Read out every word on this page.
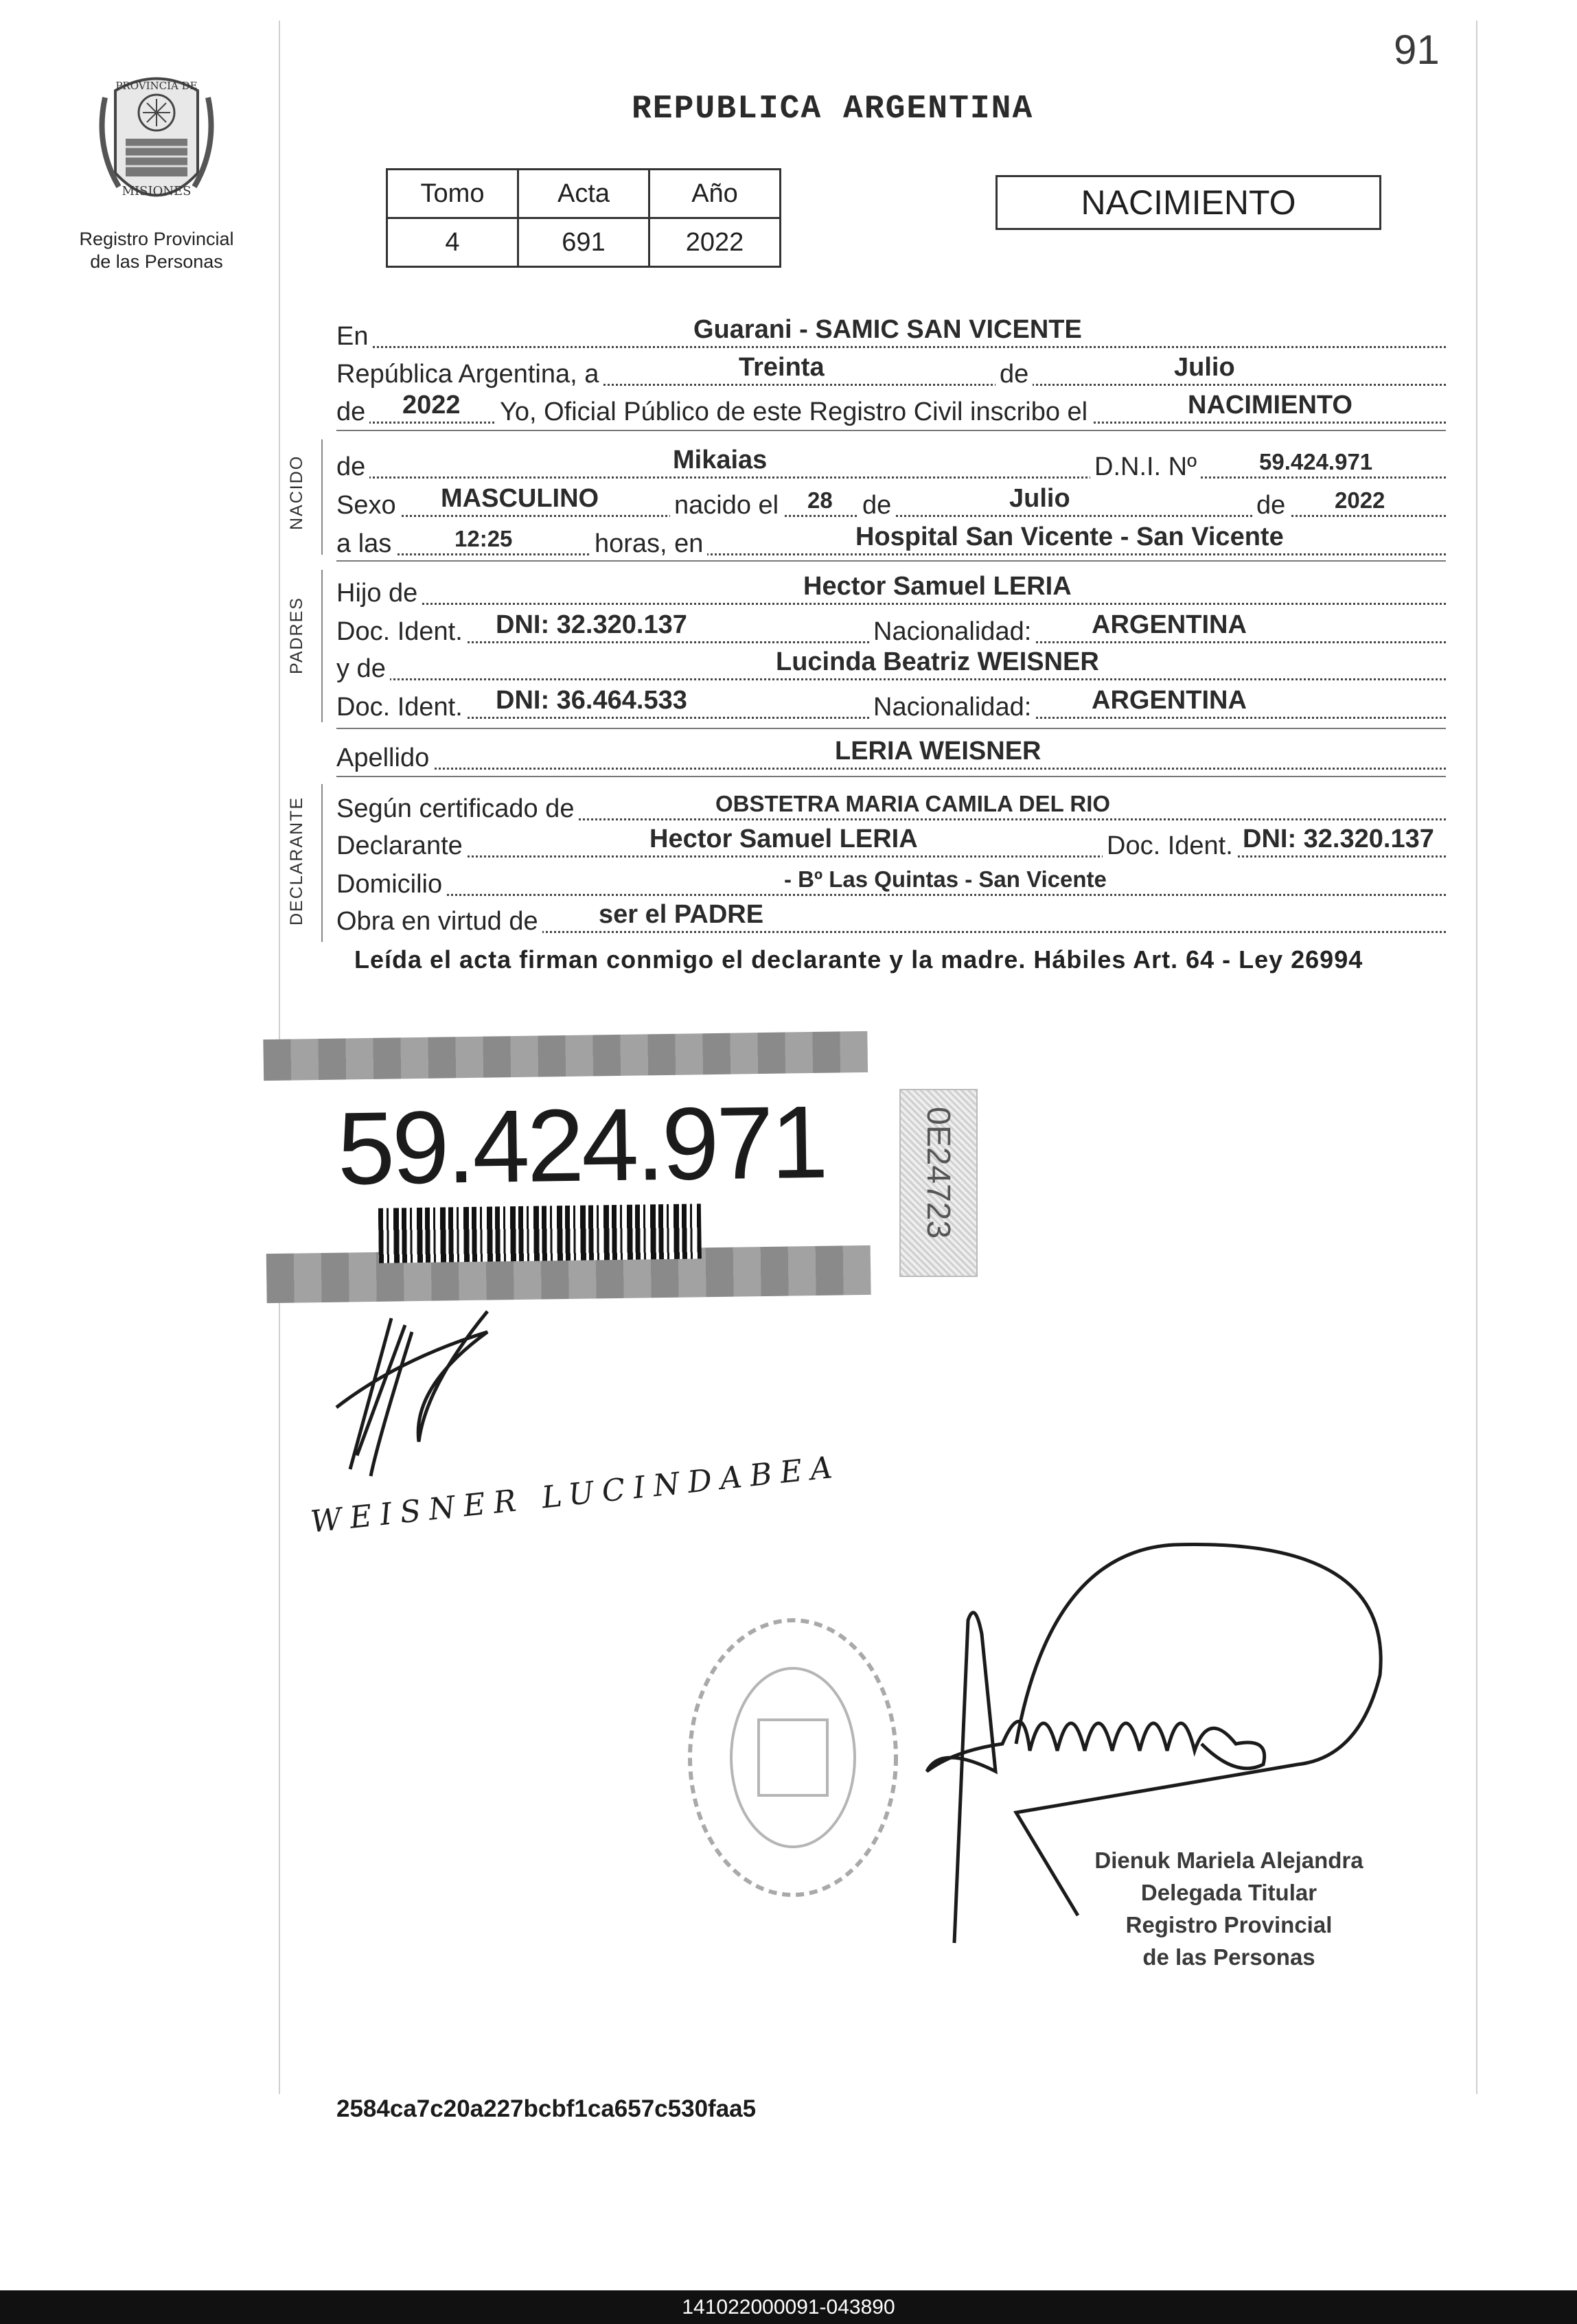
91
PROVINCIA DE
MISIONES
Registro Provincial
de las Personas
REPUBLICA ARGENTINA
Tomo	Acta	Año
4	691	2022
NACIMIENTO
En	Guarani - SAMIC SAN VICENTE
República Argentina, a	Treinta	de	Julio
de 2022 Yo, Oficial Público de este Registro Civil inscribo el	NACIMIENTO
NACIDO de	Mikaias	D.N.I. Nº	59.424.971
Sexo MASCULINO	nacido el 28 de	Julio	de 2022
a las	12:25	horas, en	Hospital San Vicente - San Vicente
PADRES
Hijo de	Hector Samuel LERIA
Doc. Ident. DNI: 32.320.137	Nacionalidad: ARGENTINA
y de	Lucinda Beatriz WEISNER
Doc. Ident. DNI: 36.464.533	Nacionalidad: ARGENTINA
Apellido	LERIA WEISNER
DECLARANTE Según certificado de	OBSTETRA MARIA CAMILA DEL RIO
Declarante	Hector Samuel LERIA	Doc. Ident. DNI: 32.320.137
Domicilio	- Bº Las Quintas - San Vicente
Obra en virtud de ser el PADRE
Leída el acta firman conmigo el declarante y la madre. Hábiles Art. 64 - Ley 26994
59.424.971	0E24723
WEISNER LUCINDABEA
Dienuk Mariela Alejandra
Delegada Titular
Registro Provincial
de las Personas
2584ca7c20a227bcbf1ca657c530faa5
141022000091-043890
